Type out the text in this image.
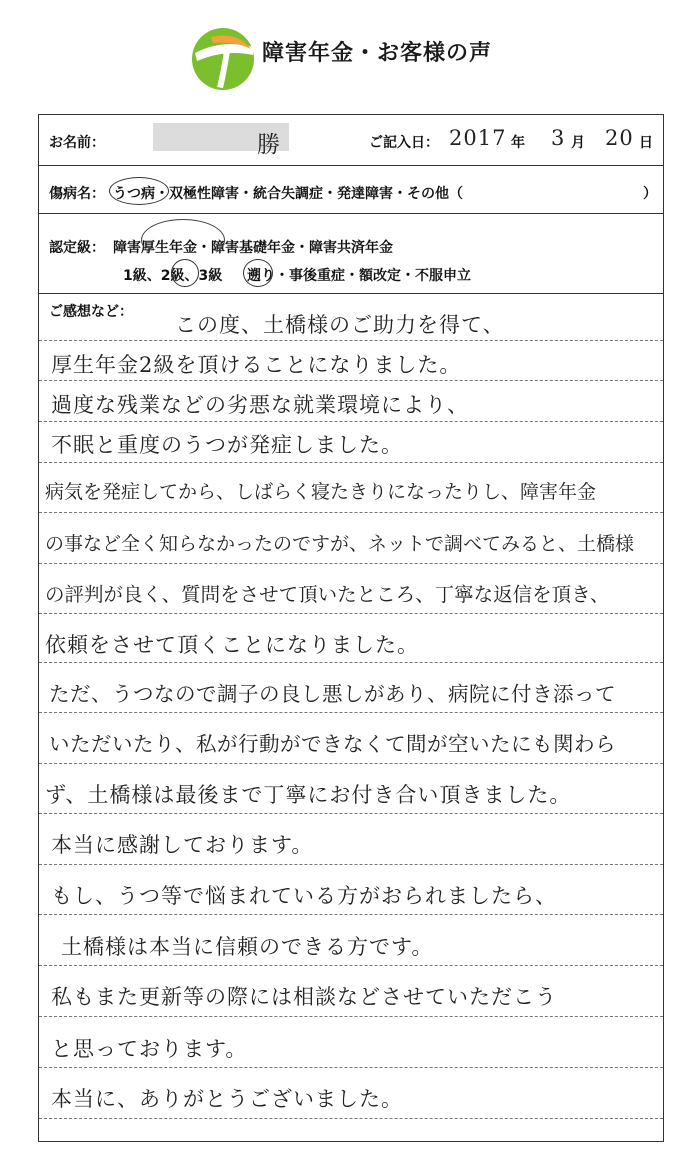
障害年金・お客様の声
お名前：	勝	ご記入日： 2017 年 3 月 20 日
傷病名： うつ病・双極性障害・統合失調症・発達障害・その他（	）
認定級： 障害厚生年金・障害基礎年金・障害共済年金
1級、2級、3級 遡り・事後重症・額改定・不服申立
ご感想など：
この度、土橋様のご助力を得て、
厚生年金2級を頂けることになりました。
過度な残業などの劣悪な就業環境により、
不眠と重度のうつが発症しました。
病気を発症してから、しばらく寝たきりになったりし、障害年金
の事など全く知らなかったのですが、ネットで調べてみると、土橋様
の評判が良く、質問をさせて頂いたところ、丁寧な返信を頂き、
依頼をさせて頂くことになりました。
ただ、うつなので調子の良し悪しがあり、病院に付き添って
いただいたり、私が行動ができなくて間が空いたにも関わら
ず、土橋様は最後まで丁寧にお付き合い頂きました。
本当に感謝しております。
もし、うつ等で悩まれている方がおられましたら、
土橋様は本当に信頼のできる方です。
私もまた更新等の際には相談などさせていただこう
と思っております。
本当に、ありがとうございました。
